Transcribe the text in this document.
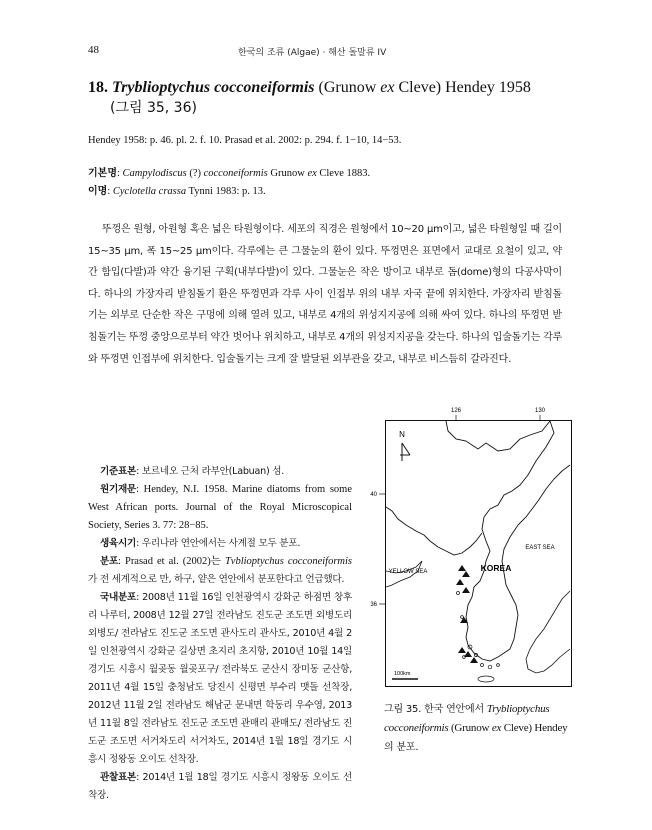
48	한국의 조류 (Algae) · 해산 돌말류 IV
18. Tryblioptychus cocconeiformis (Grunow ex Cleve) Hendey 1958
(그림 35, 36)
Hendey 1958: p. 46. pl. 2. f. 10. Prasad et al. 2002: p. 294. f. 1−10, 14−53.
기본명: Campylodiscus (?) cocconeiformis Grunow ex Cleve 1883.
이명: Cyclotella crassa Tynni 1983: p. 13.
뚜껑은 원형, 아원형 혹은 넓은 타원형이다. 세포의 직경은 원형에서 10~20 μm이고, 넓은 타원형일 때 길이 15~35 μm, 폭 15~25 μm이다. 각루에는 큰 그물눈의 환이 있다. 뚜껑면은 표면에서 교대로 요철이 있고, 약간 함입(다발)과 약간 융기된 구획(내부다발)이 있다. 그물눈은 작은 방이고 내부로 돔(dome)형의 다공사막이다. 하나의 가장자리 받침돌기 환은 뚜껑면과 각루 사이 인접부 위의 내부 자국 끝에 위치한다. 가장자리 받침돌기는 외부로 단순한 작은 구멍에 의해 열려 있고, 내부로 4개의 위성지지공에 의해 싸여 있다. 하나의 뚜껑면 받침돌기는 뚜껑 중앙으로부터 약간 벗어나 위치하고, 내부로 4개의 위성지지공을 갖는다. 하나의 입술돌기는 각루와 뚜껑면 인접부에 위치한다. 입술돌기는 크게 잘 발달된 외부관을 갖고, 내부로 비스듬히 갈라진다.

기준표본: 보르네오 근처 라부안(Labuan) 섬.

원기재문: Hendey, N.I. 1958. Marine diatoms from some West African ports. Journal of the Royal Microscopical Society, Series 3. 77: 28−85.

생육시기: 우리나라 연안에서는 사계절 모두 분포.

분포: Prasad et al. (2002)는 Tvblioptychus cocconeiformis가 전 세계적으로 만, 하구, 얕은 연안에서 분포한다고 언급했다.

국내분포: 2008년 11월 16일 인천광역시 강화군 하점면 창후리 나루터, 2008년 12월 27일 전라남도 진도군 조도면 외병도리 외병도/ 전라남도 진도군 조도면 관사도리 관사도, 2010년 4월 2일 인천광역시 강화군 길상면 초지리 초지항, 2010년 10월 14일 경기도 시흥시 월곶동 월곶포구/ 전라북도 군산시 장미동 군산항, 2011년 4월 15일 충청남도 당진시 신평면 부수리 맷돌 선착장, 2012년 11월 2일 전라남도 해남군 문내면 학동리 우수영, 2013년 11월 8일 전라남도 진도군 조도면 관매리 관매도/ 전라남도 진도군 조도면 서거차도리 서거차도, 2014년 1월 18일 경기도 시흥시 정왕동 오이도 선착장.

관찰표본: 2014년 1월 18일 경기도 시흥시 정왕동 오이도 선착장.

126	130
40
36
N
EAST SEA
YELLOW SEA	KOREA
100km
그림 35. 한국 연안에서 Tryblioptychus cocconeiformis (Grunow ex Cleve) Hendey의 분포.
